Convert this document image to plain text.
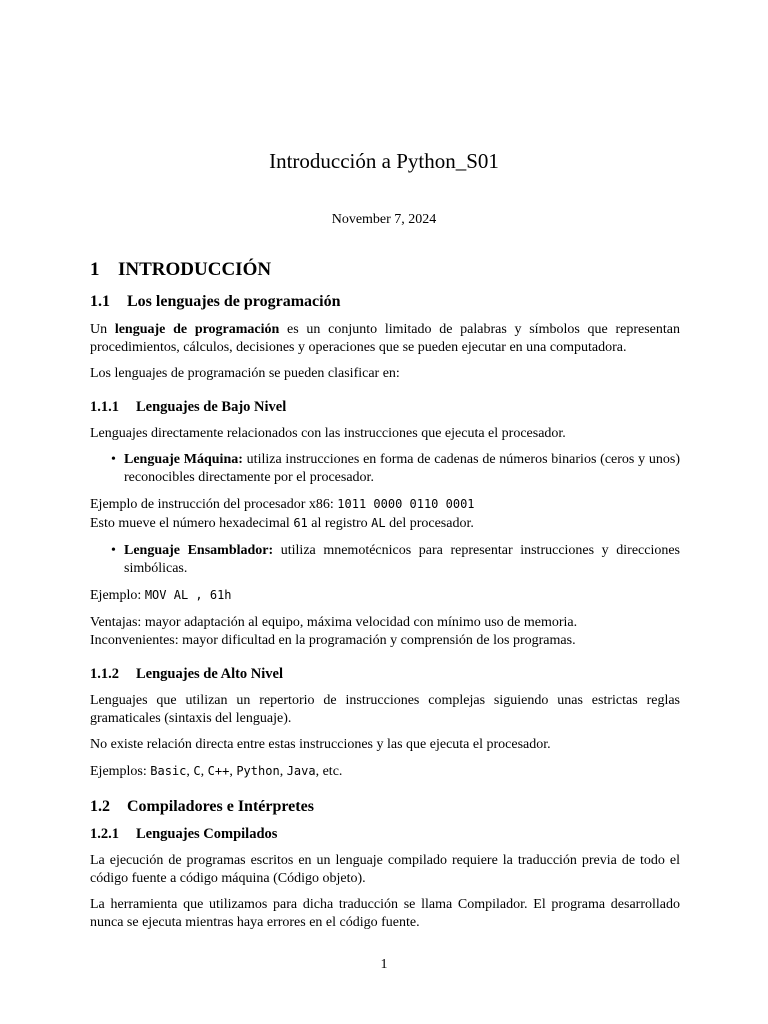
Introducción a Python_S01
November 7, 2024
1 INTRODUCCIÓN
1.1 Los lenguajes de programación

Un lenguaje de programación es un conjunto limitado de palabras y símbolos que representan procedimientos, cálculos, decisiones y operaciones que se pueden ejecutar en una computadora.

Los lenguajes de programación se pueden clasificar en:

1.1.1 Lenguajes de Bajo Nivel

Lenguajes directamente relacionados con las instrucciones que ejecuta el procesador.

• Lenguaje Máquina: utiliza instrucciones en forma de cadenas de números binarios (ceros y unos) reconocibles directamente por el procesador.

Ejemplo de instrucción del procesador x86: 1011 0000 0110 0001
Esto mueve el número hexadecimal 61 al registro AL del procesador.

• Lenguaje Ensamblador: utiliza mnemotécnicos para representar instrucciones y direcciones simbólicas.

Ejemplo: MOV AL , 61h

Ventajas: mayor adaptación al equipo, máxima velocidad con mínimo uso de memoria.
Inconvenientes: mayor dificultad en la programación y comprensión de los programas.

1.1.2 Lenguajes de Alto Nivel

Lenguajes que utilizan un repertorio de instrucciones complejas siguiendo unas estrictas reglas gramaticales (sintaxis del lenguaje).

No existe relación directa entre estas instrucciones y las que ejecuta el procesador.

Ejemplos: Basic, C, C++, Python, Java, etc.

1.2 Compiladores e Intérpretes
1.2.1 Lenguajes Compilados

La ejecución de programas escritos en un lenguaje compilado requiere la traducción previa de todo el código fuente a código máquina (Código objeto).

La herramienta que utilizamos para dicha traducción se llama Compilador. El programa desarrollado nunca se ejecuta mientras haya errores en el código fuente.

1
